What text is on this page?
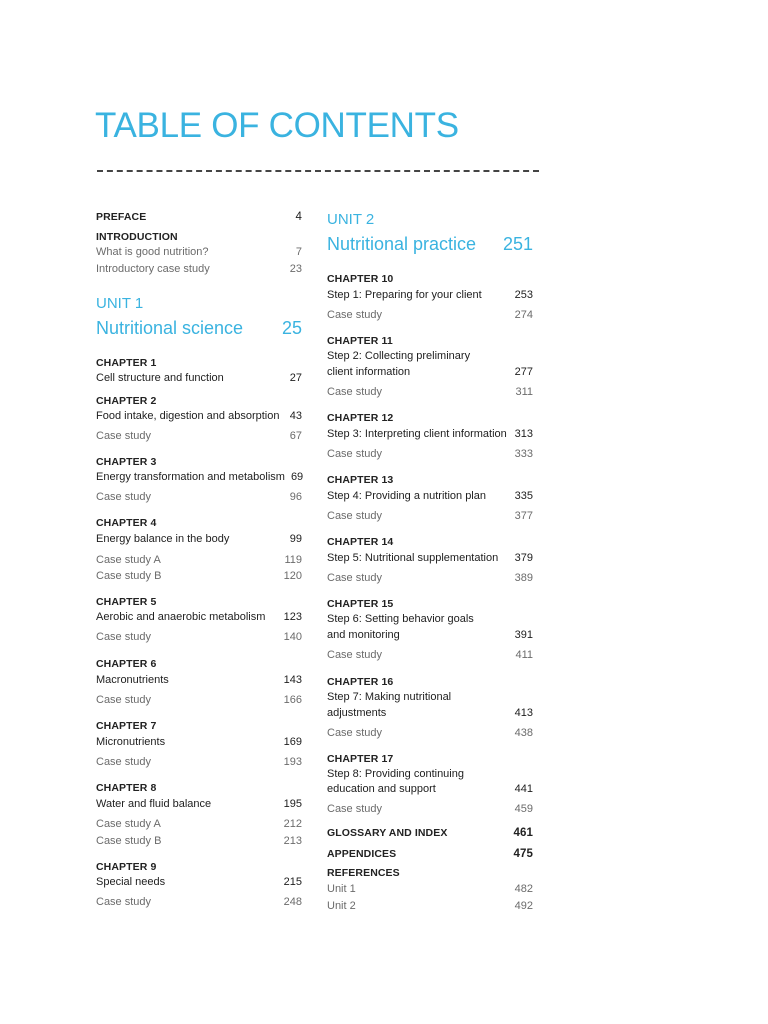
TABLE OF CONTENTS
PREFACE	4
INTRODUCTION
What is good nutrition?	7
Introductory case study	23
UNIT 1
Nutritional science 25
CHAPTER 1
Cell structure and function	27
CHAPTER 2
Food intake, digestion and absorption 43
Case study	67
CHAPTER 3
Energy transformation and metabolism 69
Case study	96
CHAPTER 4
Energy balance in the body	99
Case study A	119
Case study B	120
CHAPTER 5
Aerobic and anaerobic metabolism 123
Case study	140
CHAPTER 6
Macronutrients	143
Case study	166
CHAPTER 7
Micronutrients	169
Case study	193
CHAPTER 8
Water and fluid balance	195
Case study A	212
Case study B	213
CHAPTER 9
Special needs	215
Case study	248
UNIT 2
Nutritional practice 251
CHAPTER 10
Step 1: Preparing for your client	253
Case study	274
CHAPTER 11
Step 2: Collecting preliminary
client information	277
Case study	311
CHAPTER 12
Step 3: Interpreting client information 313
Case study	333
CHAPTER 13
Step 4: Providing a nutrition plan	335
Case study	377
CHAPTER 14
Step 5: Nutritional supplementation 379
Case study	389
CHAPTER 15
Step 6: Setting behavior goals
and monitoring	391
Case study	411
CHAPTER 16
Step 7: Making nutritional
adjustments	413
Case study	438
CHAPTER 17
Step 8: Providing continuing
education and support	441
Case study	459
GLOSSARY AND INDEX	461
APPENDICES	475
REFERENCES
Unit 1	482
Unit 2	492
